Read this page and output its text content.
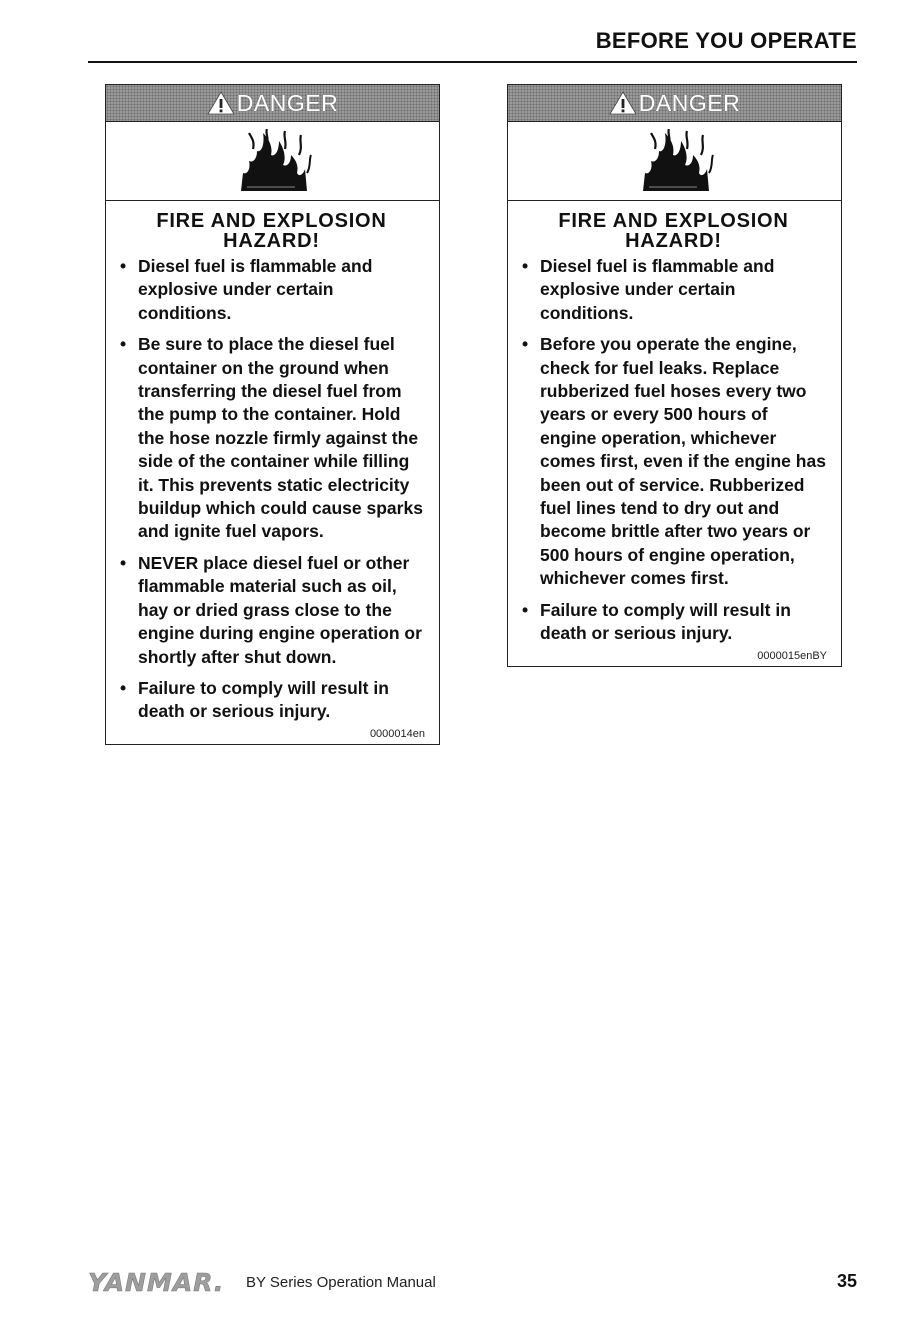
BEFORE YOU OPERATE
DANGER
FIRE AND EXPLOSION
HAZARD!
• Diesel fuel is flammable and explosive under certain conditions.
• Be sure to place the diesel fuel container on the ground when transferring the diesel fuel from the pump to the container. Hold the hose nozzle firmly against the side of the container while filling it. This prevents static electricity buildup which could cause sparks and ignite fuel vapors.
• NEVER place diesel fuel or other flammable material such as oil, hay or dried grass close to the engine during engine operation or shortly after shut down.
• Failure to comply will result in death or serious injury.
0000014en
DANGER
FIRE AND EXPLOSION
HAZARD!
• Diesel fuel is flammable and explosive under certain conditions.
• Before you operate the engine, check for fuel leaks. Replace rubberized fuel hoses every two years or every 500 hours of engine operation, whichever comes first, even if the engine has been out of service. Rubberized fuel lines tend to dry out and become brittle after two years or 500 hours of engine operation, whichever comes first.
• Failure to comply will result in death or serious injury.
0000015enBY
YANMAR. BY Series Operation Manual	35
